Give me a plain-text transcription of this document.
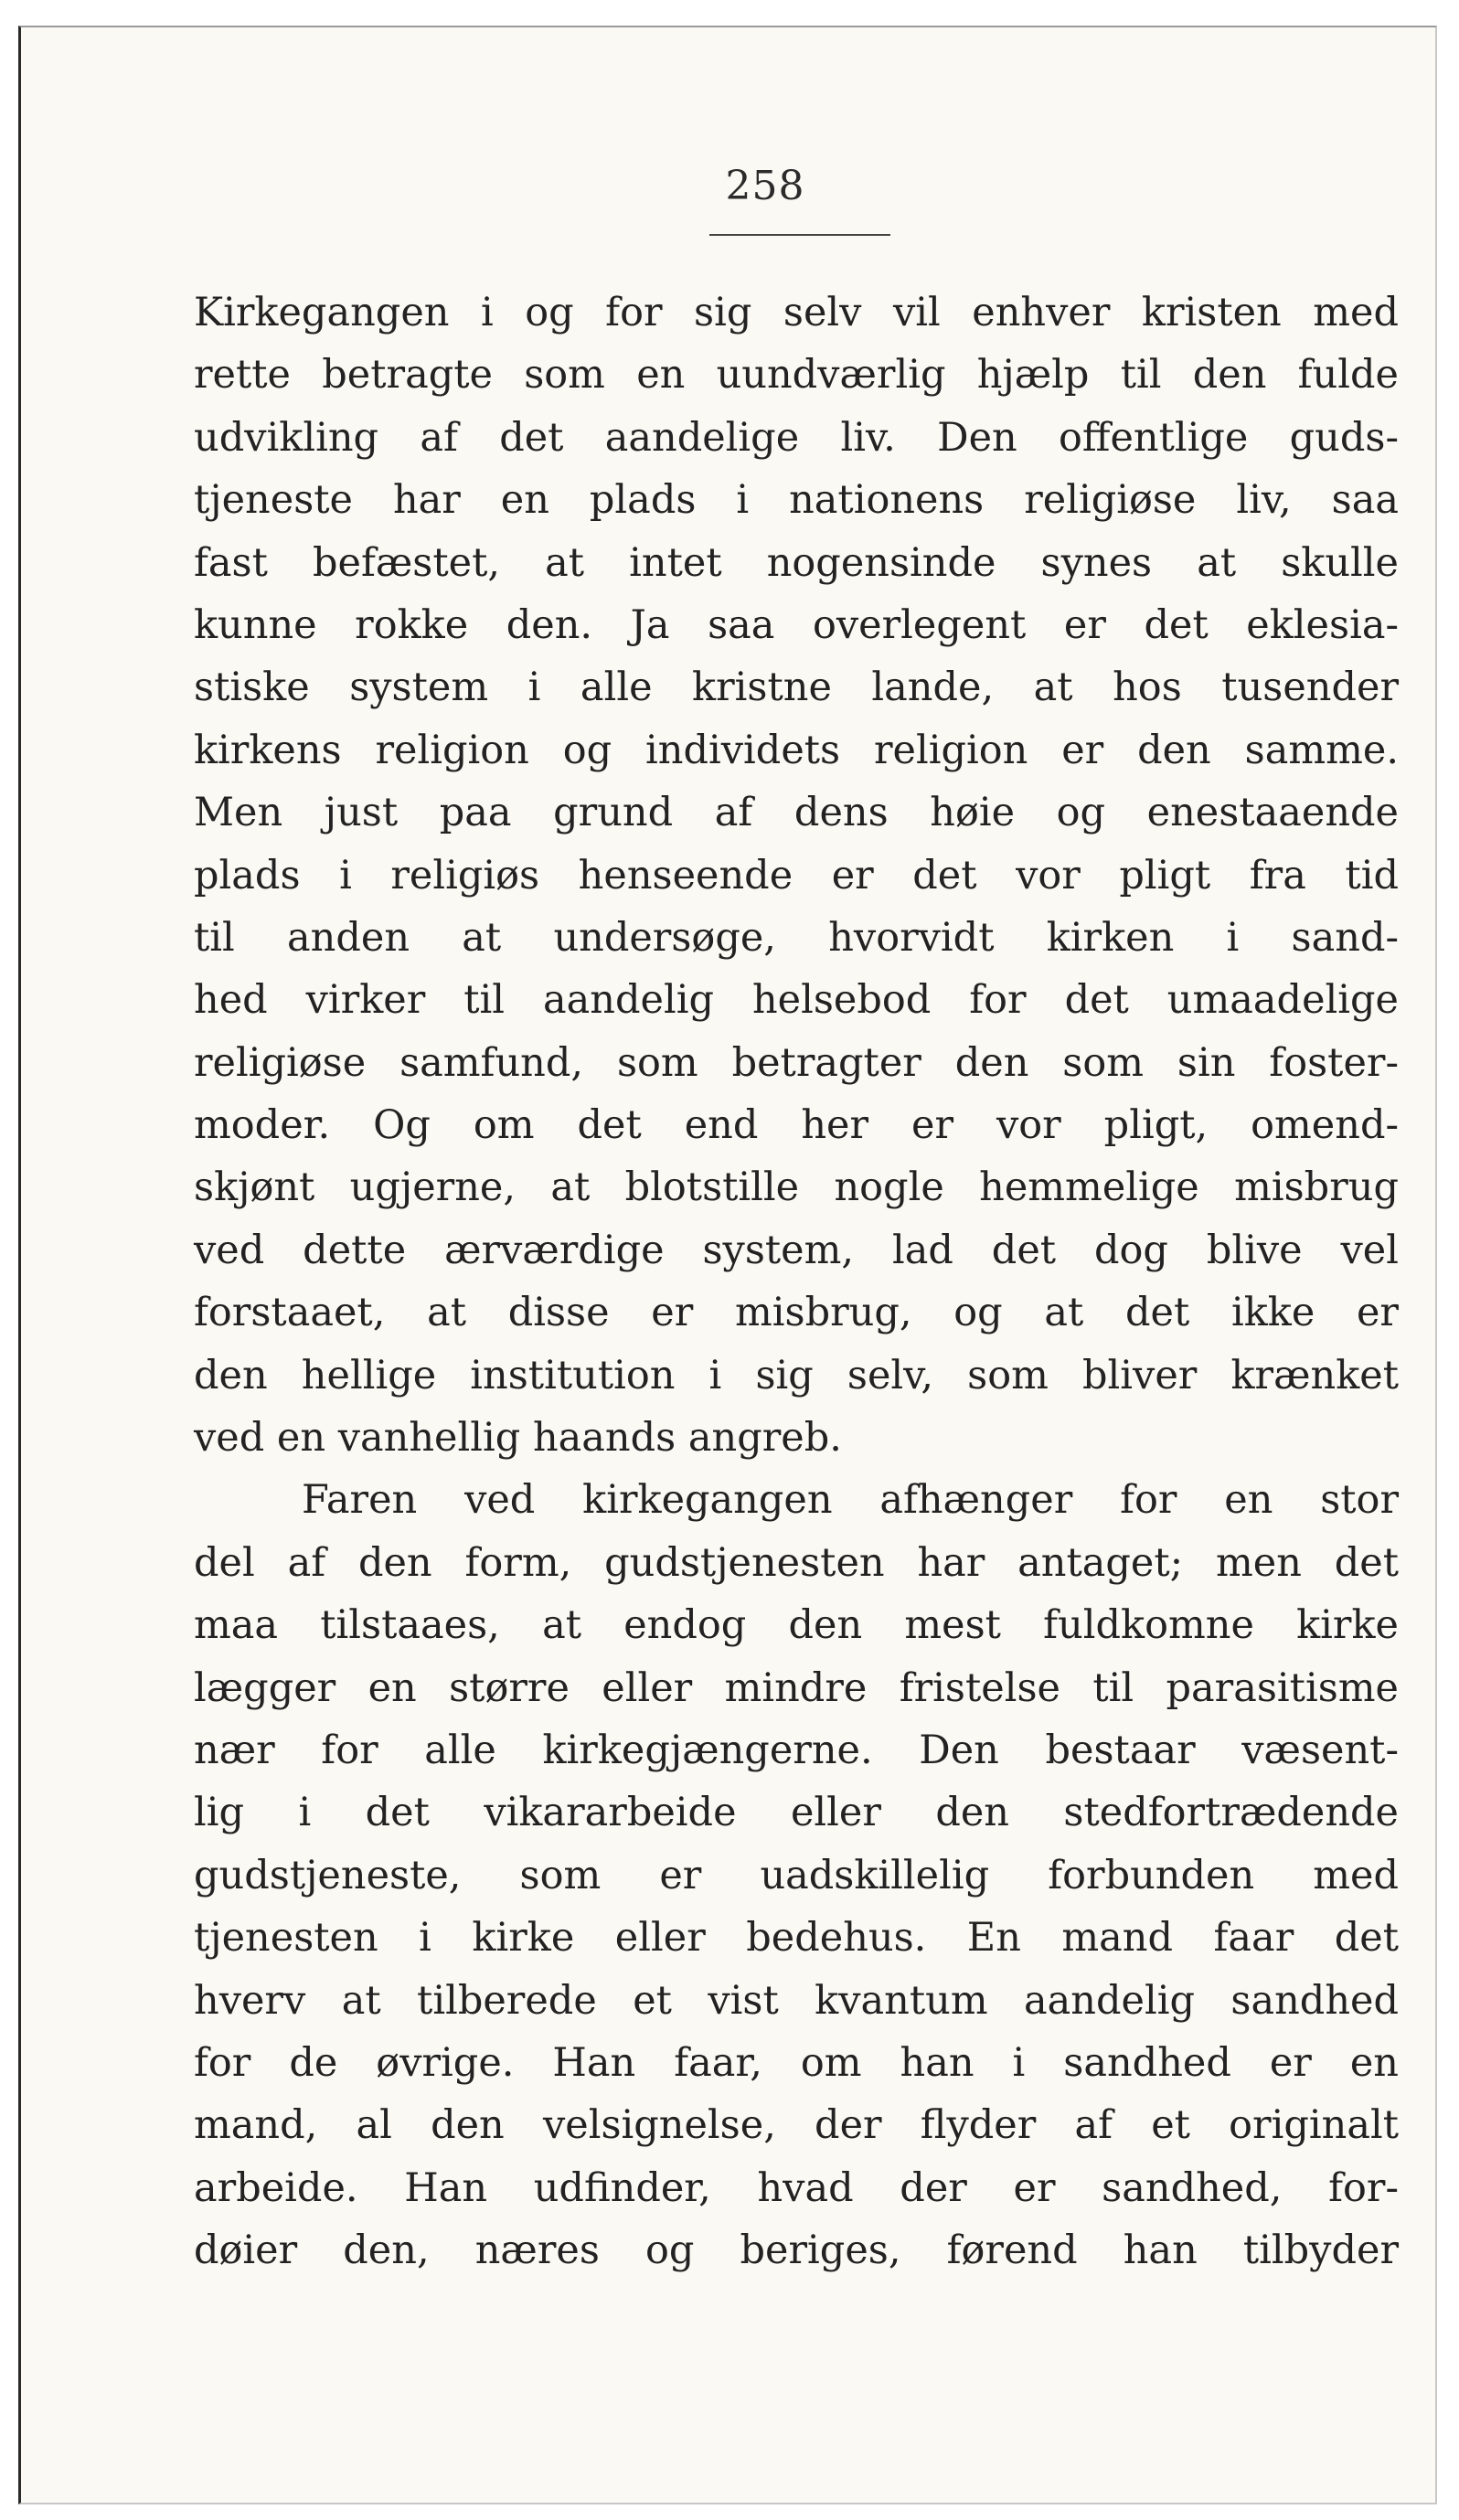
258
Kirkegangen i og for sig selv vil enhver kristen med
rette betragte som en uundværlig hjælp til den fulde
udvikling af det aandelige liv. Den offentlige guds-
tjeneste har en plads i nationens religiøse liv, saa
fast befæstet, at intet nogensinde synes at skulle
kunne rokke den. Ja saa overlegent er det eklesia-
stiske system i alle kristne lande, at hos tusender
kirkens religion og individets religion er den samme.
Men just paa grund af dens høie og enestaaende
plads i religiøs henseende er det vor pligt fra tid
til anden at undersøge, hvorvidt kirken i sand-
hed virker til aandelig helsebod for det umaadelige
religiøse samfund, som betragter den som sin foster-
moder. Og om det end her er vor pligt, omend-
skjønt ugjerne, at blotstille nogle hemmelige misbrug
ved dette ærværdige system, lad det dog blive vel
forstaaet, at disse er misbrug, og at det ikke er
den hellige institution i sig selv, som bliver krænket
ved en vanhellig haands angreb.
Faren ved kirkegangen afhænger for en stor
del af den form, gudstjenesten har antaget; men det
maa tilstaaes, at endog den mest fuldkomne kirke
lægger en større eller mindre fristelse til parasitisme
nær for alle kirkegjængerne. Den bestaar væsent-
lig i det vikararbeide eller den stedfortrædende
gudstjeneste, som er uadskillelig forbunden med
tjenesten i kirke eller bedehus. En mand faar det
hverv at tilberede et vist kvantum aandelig sandhed
for de øvrige. Han faar, om han i sandhed er en
mand, al den velsignelse, der flyder af et originalt
arbeide. Han udfinder, hvad der er sandhed, for-
døier den, næres og beriges, førend han tilbyder
